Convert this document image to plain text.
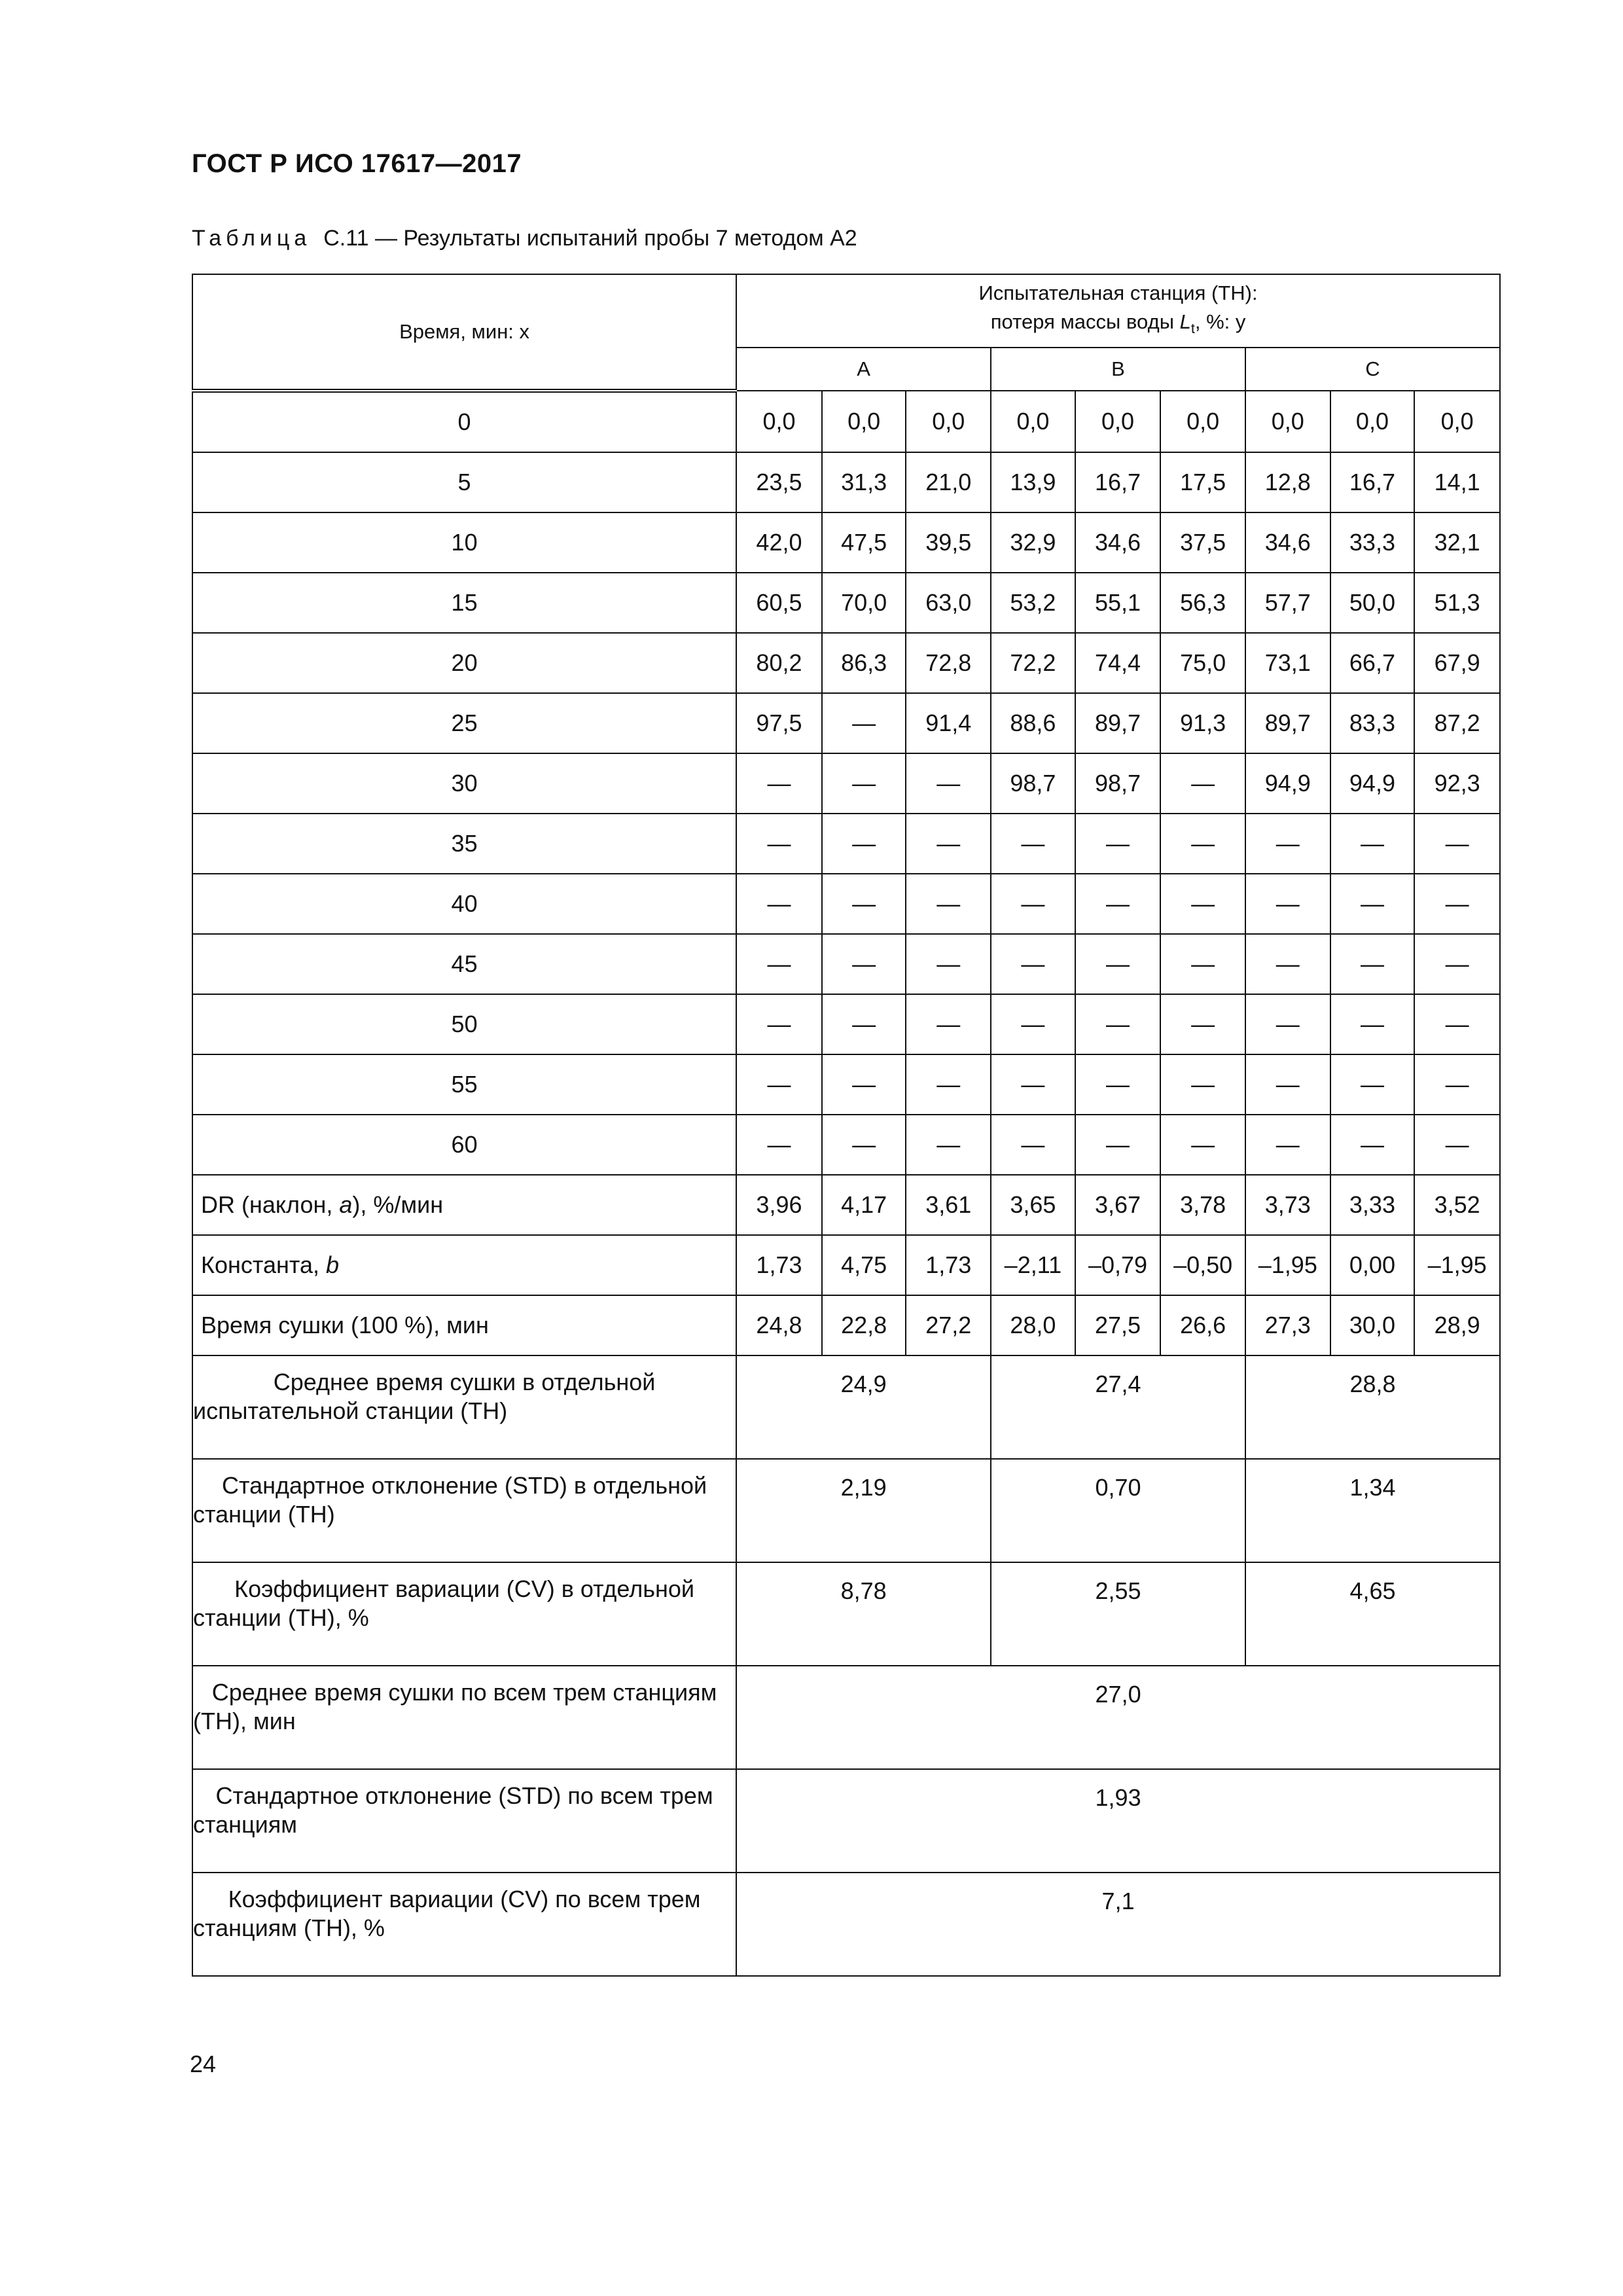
ГОСТ Р ИСО 17617—2017
Таблица С.11 — Результаты испытаний пробы 7 методом А2
Время, мин: x	Испытательная станция (ТН):
потеря массы воды $L_t$, %: y								

	A			B			C		
0	0,0	0,0	0,0	0,0	0,0	0,0	0,0	0,0	0,0
5	23,5	31,3	21,0	13,9	16,7	17,5	12,8	16,7	14,1
10	42,0	47,5	39,5	32,9	34,6	37,5	34,6	33,3	32,1
15	60,5	70,0	63,0	53,2	55,1	56,3	57,7	50,0	51,3
20	80,2	86,3	72,8	72,2	74,4	75,0	73,1	66,7	67,9
25	97,5	—	91,4	88,6	89,7	91,3	89,7	83,3	87,2
30	—	—	—	98,7	98,7	—	94,9	94,9	92,3
35	—	—	—	—	—	—	—	—	—
40	—	—	—	—	—	—	—	—	—
45	—	—	—	—	—	—	—	—	—
50	—	—	—	—	—	—	—	—	—
55	—	—	—	—	—	—	—	—	—
60	—	—	—	—	—	—	—	—	—
DR (наклон, a), %/мин	3,96	4,17	3,61	3,65	3,67	3,78	3,73	3,33	3,52
Константа, b	1,73	4,75	1,73	–2,11	–0,79	–0,50	–1,95	0,00	–1,95
Время сушки (100 %), мин	24,8	22,8	27,2	28,0	27,5	26,6	27,3	30,0	28,9
Среднее время сушки в отдельной испытательной станции (ТН)	24,9			27,4			28,8		
Стандартное отклонение (STD) в отдельной станции (ТН)	2,19			0,70			1,34		
Коэффициент вариации (CV) в отдельной станции (ТН), %	8,78			2,55			4,65		
Среднее время сушки по всем трем станциям (ТН), мин	27,0								
Стандартное отклонение (STD) по всем трем станциям	1,93								
Коэффициент вариации (CV) по всем трем станциям (ТН), %	7,1								
24
